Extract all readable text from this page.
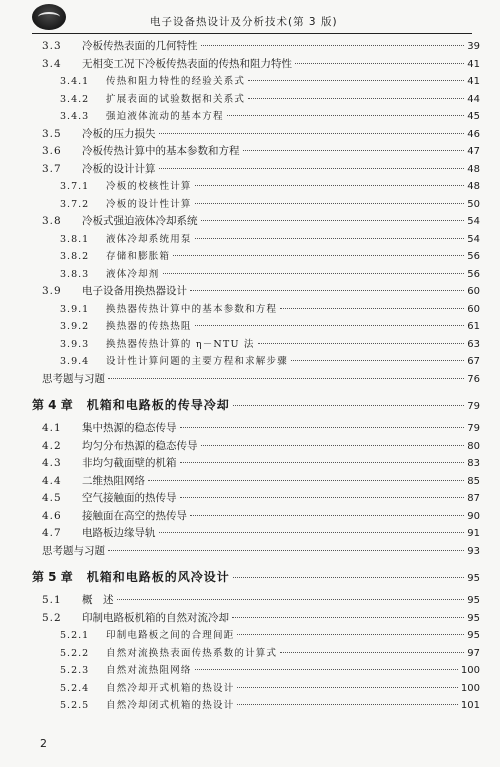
电子设备热设计及分析技术(第 3 版)
3.3	冷板传热表面的几何特性	39
3.4	无相变工况下冷板传热表面的传热和阻力特性	41
3.4.1	传热和阻力特性的经验关系式	41
3.4.2	扩展表面的试验数据和关系式	44
3.4.3	强迫液体流动的基本方程	45
3.5	冷板的压力损失	46
3.6	冷板传热计算中的基本参数和方程	47
3.7	冷板的设计计算	48
3.7.1	冷板的校核性计算	48
3.7.2	冷板的设计性计算	50
3.8	冷板式强迫液体冷却系统	54
3.8.1	液体冷却系统用泵	54
3.8.2	存储和膨胀箱	56
3.8.3	液体冷却剂	56
3.9	电子设备用换热器设计	60
3.9.1	换热器传热计算中的基本参数和方程	60
3.9.2	换热器的传热热阻	61
3.9.3	换热器传热计算的 η－NTU 法	63
3.9.4	设计性计算问题的主要方程和求解步骤	67
思考题与习题	76
第 4 章	机箱和电路板的传导冷却	79
4.1	集中热源的稳态传导	79
4.2	均匀分布热源的稳态传导	80
4.3	非均匀截面壁的机箱	83
4.4	二维热阻网络	85
4.5	空气接触面的热传导	87
4.6	接触面在高空的热传导	90
4.7	电路板边缘导轨	91
思考题与习题	93
第 5 章	机箱和电路板的风冷设计	95
5.1	概　述	95
5.2	印制电路板机箱的自然对流冷却	95
5.2.1	印制电路板之间的合理间距	95
5.2.2	自然对流换热表面传热系数的计算式	97
5.2.3	自然对流热阻网络	100
5.2.4	自然冷却开式机箱的热设计	100
5.2.5	自然冷却闭式机箱的热设计	101
2
